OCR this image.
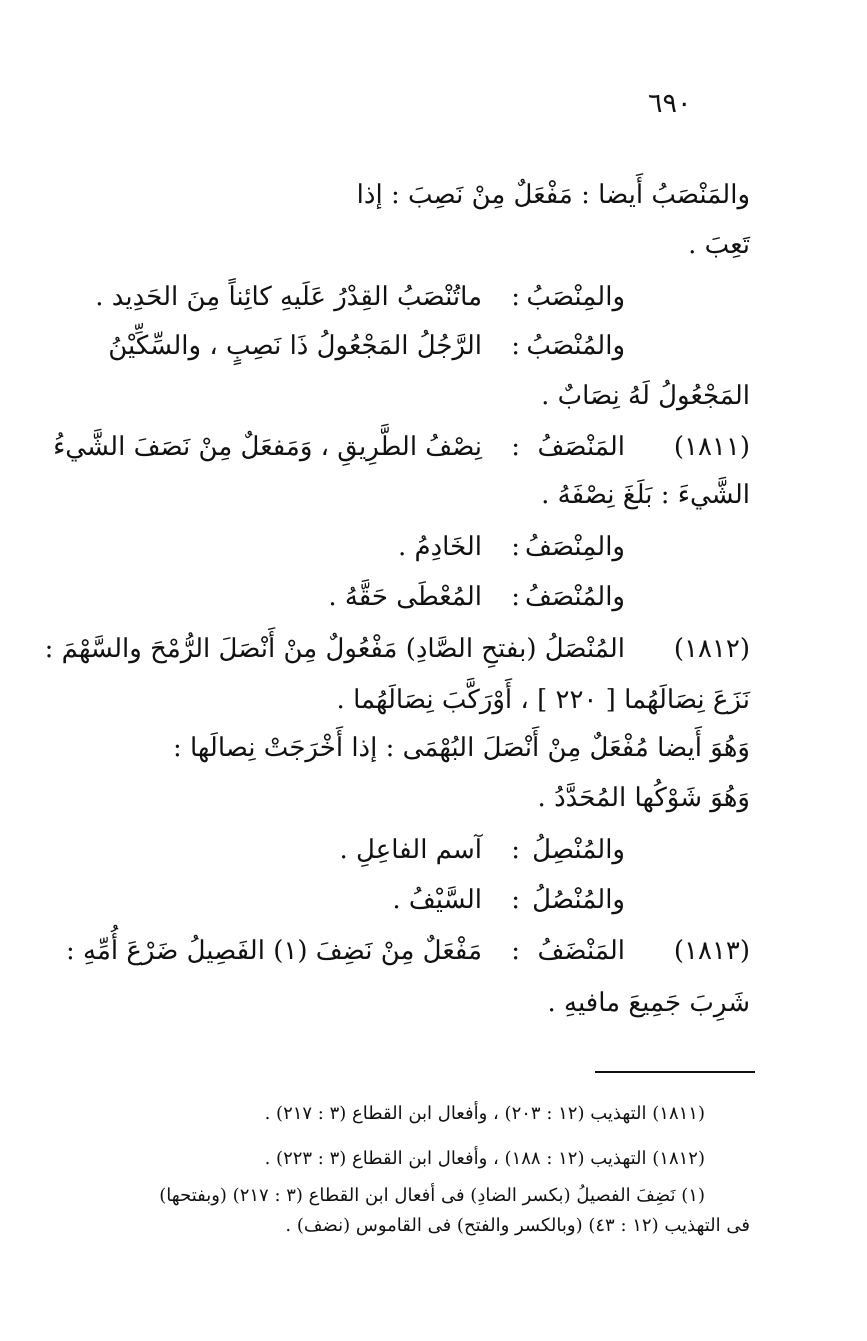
٦٩٠
والمَنْصَبُ أَيضا : مَفْعَلٌ مِنْ نَصِبَ : إذا
تَعِبَ .
والمِنْصَبُ
:
ماتُنْصَبُ القِدْرُ عَلَيهِ كائِناً مِنَ الحَدِيد .
والمُنْصَبُ
:
الرَّجُلُ المَجْعُولُ ذَا نَصِبٍ ، والسِّكِّيْنُ
المَجْعُولُ لَهُ نِصَابٌ .
(١٨١١)
المَنْصَفُ
:
نِصْفُ الطَّرِيقِ ، وَمَفعَلٌ مِنْ نَصَفَ الشَّيءُ
الشَّيءَ : بَلَغَ نِصْفَهُ .
والمِنْصَفُ
:
الخَادِمُ .
والمُنْصَفُ
:
المُعْطَى حَقَّهُ .
(١٨١٢)
المُنْصَلُ (بفتحِ الصَّادِ) مَفْعُولٌ مِنْ أَنْصَلَ الرُّمْحَ والسَّهْمَ :
نَزَعَ نِصَالَهُما [ ٢٢٠ ] ، أَوْرَكَّبَ نِصَالَهُما .
وَهُوَ أَيضا مُفْعَلٌ مِنْ أَنْصَلَ البُهْمَى : إذا أَخْرَجَتْ نِصالَها :
وَهُوَ شَوْكُها المُحَدَّدُ .
والمُنْصِلُ
:
آسم الفاعِلِ .
والمُنْصُلُ
:
السَّيْفُ .
(١٨١٣)
المَنْضَفُ
:
مَفْعَلٌ مِنْ نَضِفَ (١) الفَصِيلُ ضَرْعَ أُمِّهِ :
شَرِبَ جَمِيعَ مافيهِ .
(١٨١١) التهذيب (١٢ : ٢٠٣) ، وأفعال ابن القطاع (٣ : ٢١٧) .
(١٨١٢) التهذيب (١٢ : ١٨٨) ، وأفعال ابن القطاع (٣ : ٢٢٣) .
(١) نَضِفَ الفصيلُ (بكسر الضادِ) فى أفعال ابن القطاع (٣ : ٢١٧) (وبفتحها)
فى التهذيب (١٢ : ٤٣) (وبالكسر والفتح) فى القاموس (نضف) .
